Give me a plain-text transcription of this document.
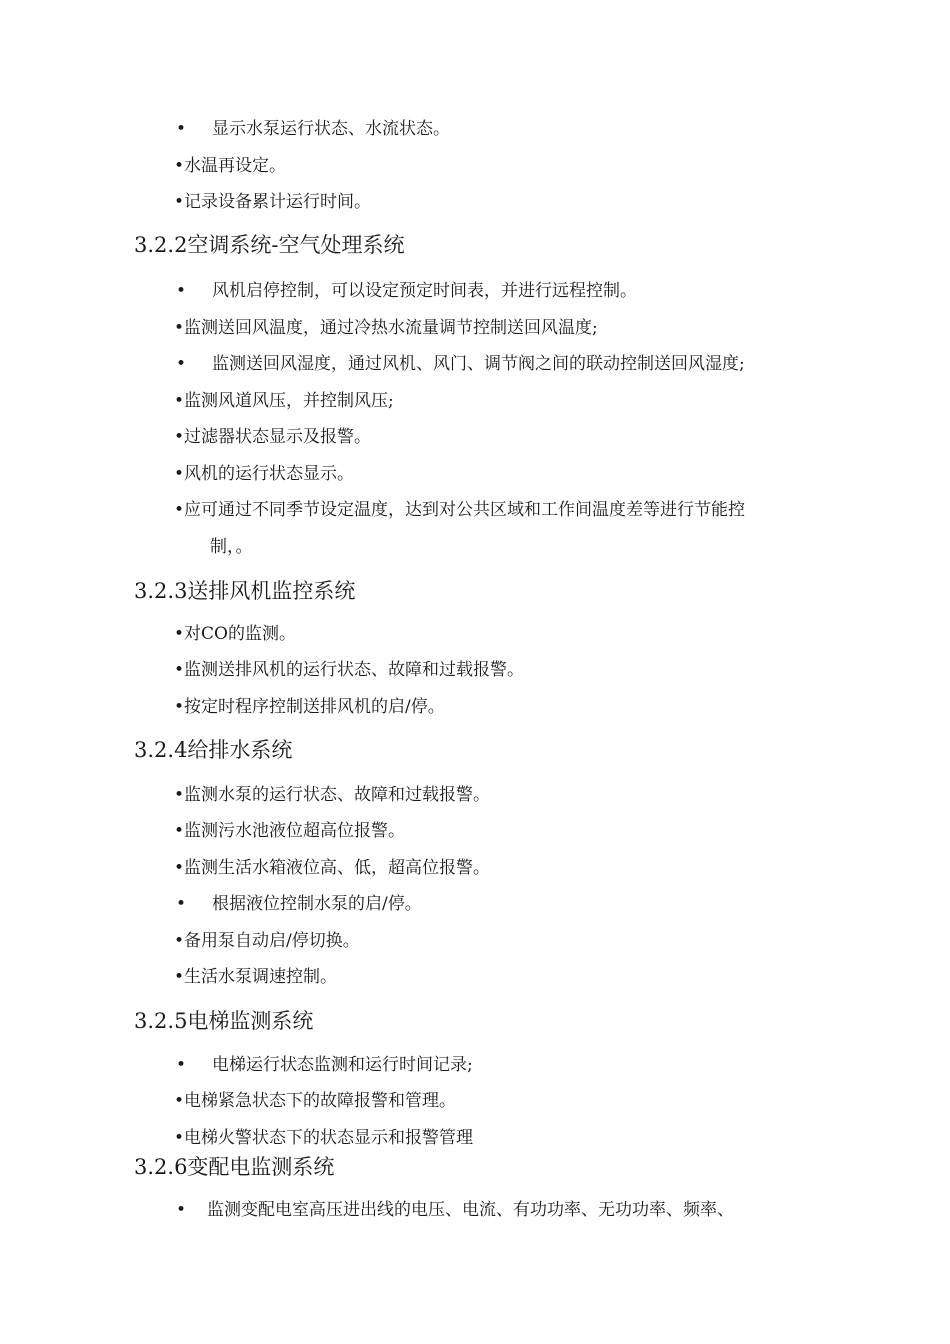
• 显示水泵运行状态、水流状态。
•水温再设定。
•记录设备累计运行时间。
3.2.2空调系统-空气处理系统
• 风机启停控制，可以设定预定时间表，并进行远程控制。
•监测送回风温度，通过冷热水流量调节控制送回风温度;
• 监测送回风湿度，通过风机、风门、调节阀之间的联动控制送回风湿度;
•监测风道风压，并控制风压;
•过滤器状态显示及报警。
•风机的运行状态显示。
•应可通过不同季节设定温度，达到对公共区域和工作间温度差等进行节能控
制，。
3.2.3送排风机监控系统
•对CO的监测。
•监测送排风机的运行状态、故障和过载报警。
•按定时程序控制送排风机的启/停。
3.2.4给排水系统
•监测水泵的运行状态、故障和过载报警。
•监测污水池液位超高位报警。
•监测生活水箱液位高、低，超高位报警。
• 根据液位控制水泵的启/停。
•备用泵自动启/停切换。
•生活水泵调速控制。
3.2.5电梯监测系统
• 电梯运行状态监测和运行时间记录;
•电梯紧急状态下的故障报警和管理。
•电梯火警状态下的状态显示和报警管理
3.2.6变配电监测系统
• 监测变配电室高压进出线的电压、电流、有功功率、无功功率、频率、
